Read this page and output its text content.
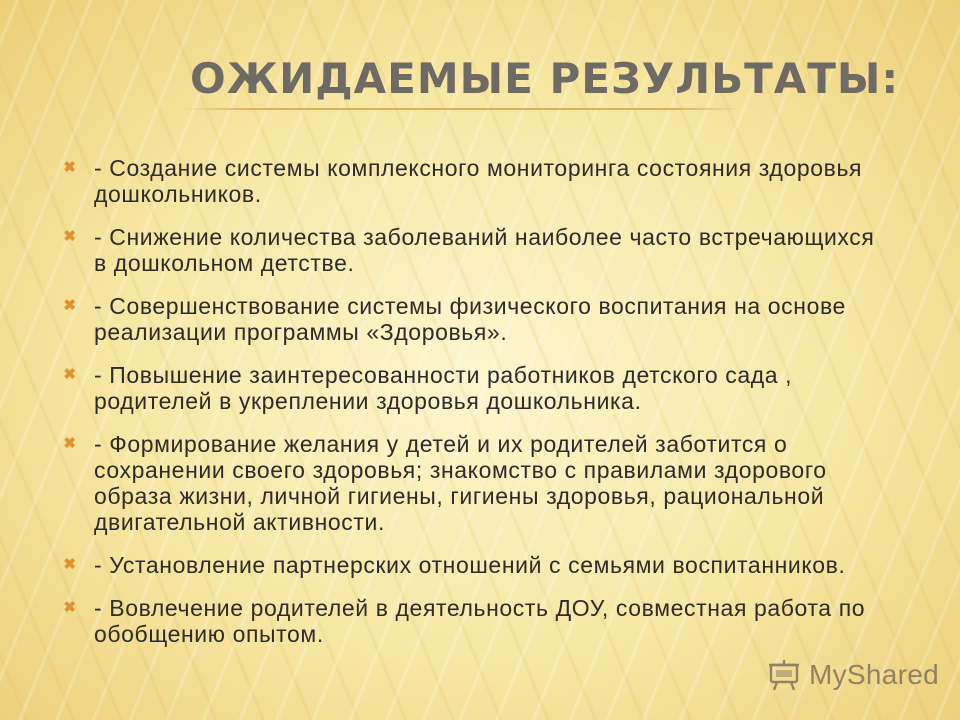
ОЖИДАЕМЫЕ РЕЗУЛЬТАТЫ:
✖ - Создание системы комплексного мониторинга состояния здоровья дошкольников.
✖ - Снижение количества заболеваний наиболее часто встречающихся в дошкольном детстве.
✖ - Совершенствование системы физического воспитания на основе реализации программы «Здоровья».
✖ - Повышение заинтересованности работников детского сада , родителей в укреплении здоровья дошкольника.
✖ - Формирование желания у детей и их родителей заботится о сохранении своего здоровья; знакомство с правилами здорового образа жизни, личной гигиены, гигиены здоровья, рациональной двигательной активности.
✖ - Установление партнерских отношений с семьями воспитанников.
✖ - Вовлечение родителей в деятельность ДОУ, совместная работа по обобщению опытом.
MyShared
